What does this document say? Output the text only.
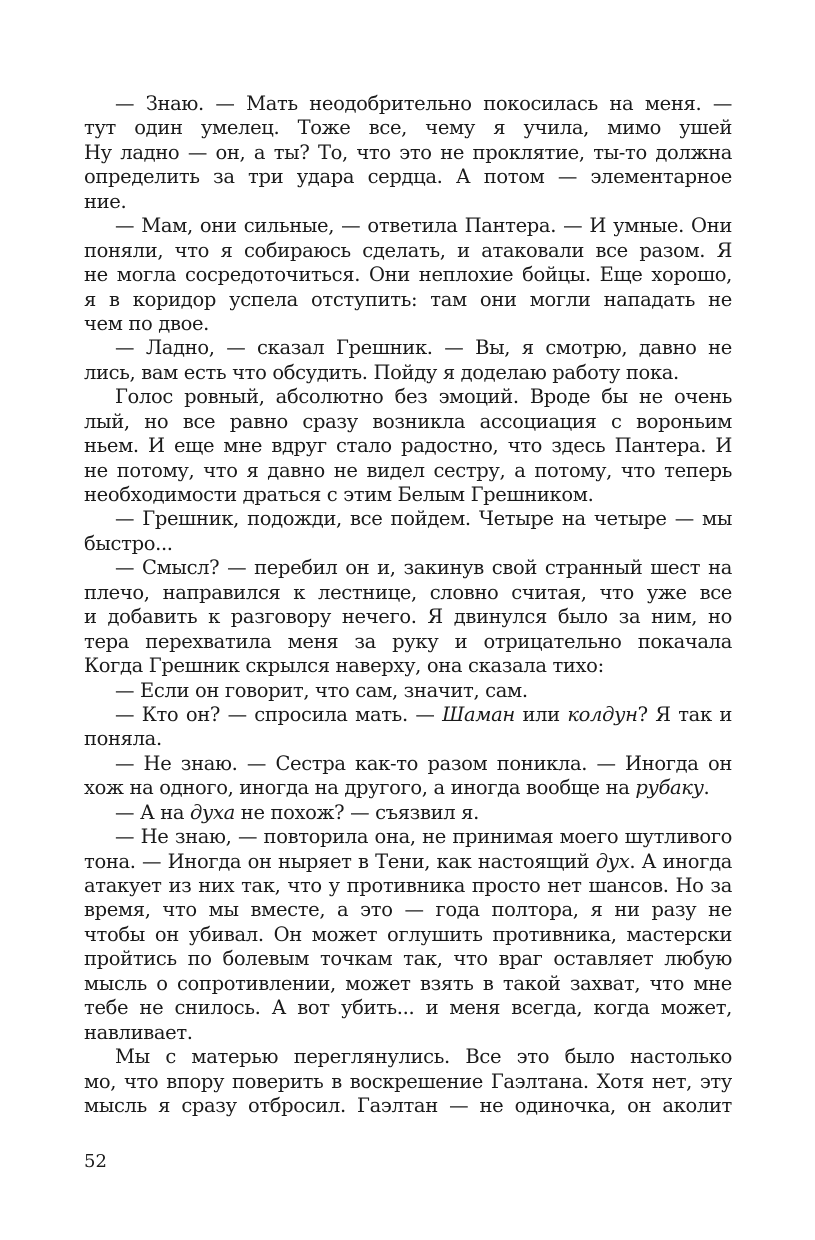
— Знаю. — Мать неодобрительно покосилась на меня. —
тут один умелец. Тоже все, чему я учила, мимо ушей
Ну ладно — он, а ты? То, что это не проклятие, ты-то должна
определить за три удара сердца. А потом — элементарное
ние.
— Мам, они сильные, — ответила Пантера. — И умные. Они
поняли, что я собираюсь сделать, и атаковали все разом. Я
не могла сосредоточиться. Они неплохие бойцы. Еще хорошо,
я в коридор успела отступить: там они могли нападать не
чем по двое.
— Ладно, — сказал Грешник. — Вы, я смотрю, давно не
лись, вам есть что обсудить. Пойду я доделаю работу пока.
Голос ровный, абсолютно без эмоций. Вроде бы не очень
лый, но все равно сразу возникла ассоциация с вороньим
ньем. И еще мне вдруг стало радостно, что здесь Пантера. И
не потому, что я давно не видел сестру, а потому, что теперь
необходимости драться с этим Белым Грешником.
— Грешник, подожди, все пойдем. Четыре на четыре — мы
быстро...
— Смысл? — перебил он и, закинув свой странный шест на
плечо, направился к лестнице, словно считая, что уже все
и добавить к разговору нечего. Я двинулся было за ним, но
тера перехватила меня за руку и отрицательно покачала
Когда Грешник скрылся наверху, она сказала тихо:
— Если он говорит, что сам, значит, сам.
— Кто он? — спросила мать. — Шаман или колдун? Я так и
поняла.
— Не знаю. — Сестра как-то разом поникла. — Иногда он
хож на одного, иногда на другого, а иногда вообще на рубаку.
— А на духа не похож? — съязвил я.
— Не знаю, — повторила она, не принимая моего шутливого
тона. — Иногда он ныряет в Тени, как настоящий дух. А иногда
атакует из них так, что у противника просто нет шансов. Но за
время, что мы вместе, а это — года полтора, я ни разу не
чтобы он убивал. Он может оглушить противника, мастерски
пройтись по болевым точкам так, что враг оставляет любую
мысль о сопротивлении, может взять в такой захват, что мне
тебе не снилось. А вот убить... и меня всегда, когда может,
навливает.
Мы с матерью переглянулись. Все это было настолько
мо, что впору поверить в воскрешение Гаэлтана. Хотя нет, эту
мысль я сразу отбросил. Гаэлтан — не одиночка, он аколит
52
